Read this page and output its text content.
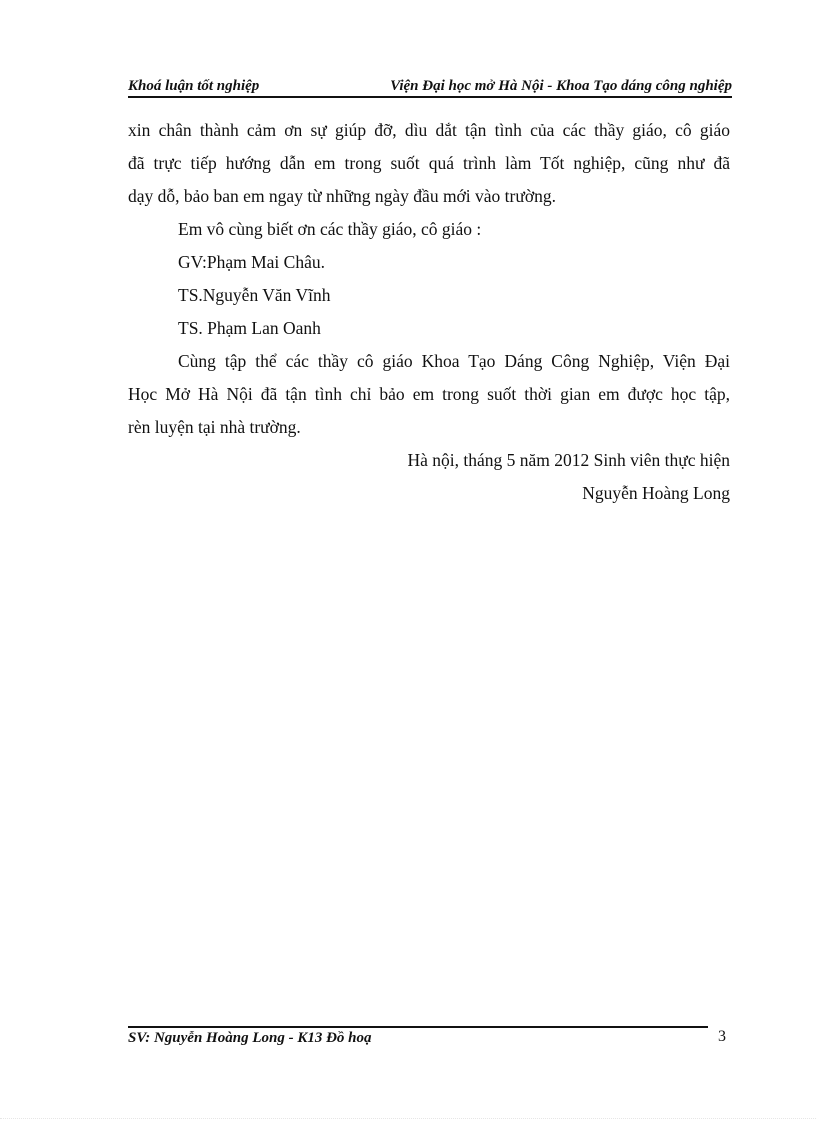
Khoá luận tốt nghiệp	Viện Đại học mở Hà Nội - Khoa Tạo dáng công nghiệp
xin chân thành cảm ơn sự giúp đỡ, dìu dắt tận tình của các thầy giáo, cô giáo
đã trực tiếp hướng dẫn em trong suốt quá trình làm Tốt nghiệp, cũng như đã
dạy dỗ, bảo ban em ngay từ những ngày đầu mới vào trường.
Em vô cùng biết ơn các thầy giáo, cô giáo :
GV:Phạm Mai Châu.
TS.Nguyễn Văn Vĩnh
TS. Phạm Lan Oanh
Cùng tập thể các thầy cô giáo Khoa Tạo Dáng Công Nghiệp, Viện Đại
Học Mở Hà Nội đã tận tình chỉ bảo em trong suốt thời gian em được học tập,
rèn luyện tại nhà trường.
Hà nội, tháng 5 năm 2012 Sinh viên thực hiện
Nguyễn Hoàng Long
SV: Nguyễn Hoàng Long - K13 Đồ hoạ	3
